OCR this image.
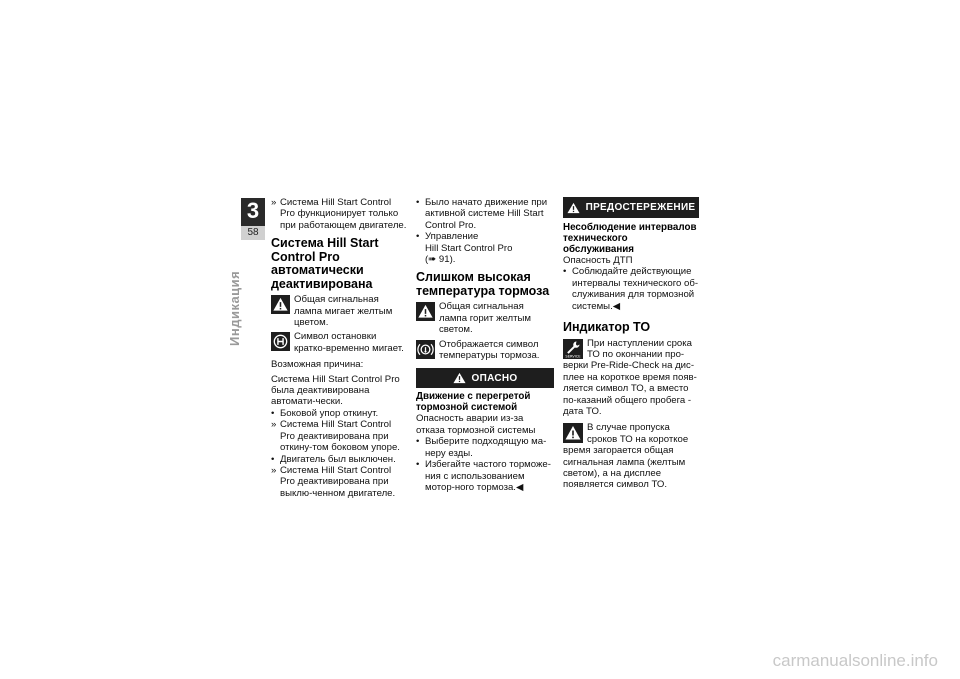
3
58
Индикация
» Система Hill Start Control Pro функционирует только при работающем двигателе.
Система Hill Start Control Pro автоматически деактивирована
Общая сигнальная лампа мигает желтым цветом.
Символ остановки кратко-временно мигает.

Возможная причина:

Система Hill Start Control Pro была деактивирована автомати-чески.

• Боковой упор откинут.
» Система Hill Start Control Pro деактивирована при откину-том боковом упоре.
• Двигатель был выключен.
» Система Hill Start Control Pro деактивирована при выклю-ченном двигателе.
• Было начато движение при активной системе Hill Start Control Pro.
• Управление
Hill Start Control Pro
(➠ 91).
Слишком высокая температура тормоза
Общая сигнальная лампа горит желтым светом.
Отображается символ температуры тормоза.
ОПАСНО
Движение с перегретой тормозной системой

Опасность аварии из-за отказа тормозной системы

• Выберите подходящую ма-неру езды.
• Избегайте частого торможе-ния с использованием мотор-ного тормоза.◀
ПРЕДОСТЕРЕЖЕНИЕ
Несоблюдение интервалов технического обслуживания

Опасность ДТП

• Соблюдайте действующие интервалы технического об-служивания для тормозной системы.◀
Индикатор ТО
SERVICE
При наступлении срока ТО по окончании про-верки Pre-Ride-Check на дис-плее на короткое время появ-ляется символ ТО, а вместо по-казаний общего пробега - дата ТО.
В случае пропуска сроков ТО на короткое время загорается общая сигнальная лампа (желтым светом), а на дисплее появляется символ ТО.
carmanualsonline.info
